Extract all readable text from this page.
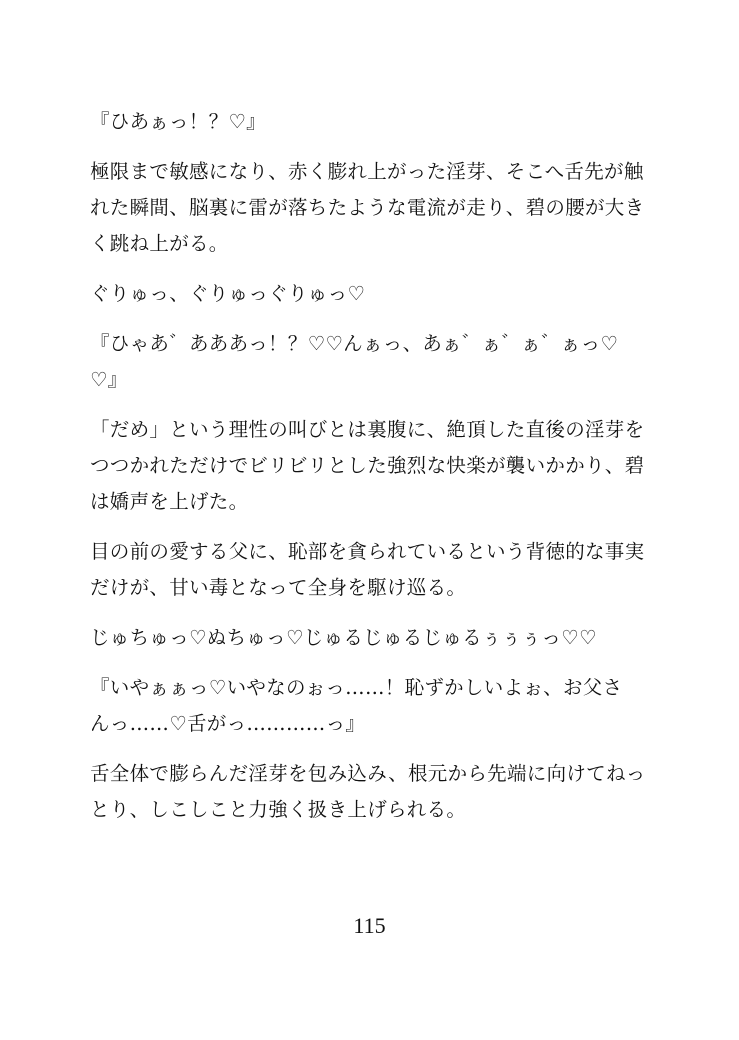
『ひあぁっ！？♡』

極限まで敏感になり、赤く膨れ上がった淫芽、そこへ舌先が触
れた瞬間、脳裏に雷が落ちたような電流が走り、碧の腰が大き
く跳ね上がる。

ぐりゅっ、ぐりゅっぐりゅっ♡

『ひゃあ゛あああっ！？♡♡んぁっ、あぁ゛ぁ゛ぁ゛ぁっ♡
♡』

「だめ」という理性の叫びとは裏腹に、絶頂した直後の淫芽を
つつかれただけでビリビリとした強烈な快楽が襲いかかり、碧
は嬌声を上げた。

目の前の愛する父に、恥部を貪られているという背徳的な事実
だけが、甘い毒となって全身を駆け巡る。

じゅちゅっ♡ぬちゅっ♡じゅるじゅるじゅるぅぅぅっ♡♡

『いやぁぁっ♡いやなのぉっ……！恥ずかしいよぉ、お父さ
んっ……♡舌がっ…………っ』

舌全体で膨らんだ淫芽を包み込み、根元から先端に向けてねっ
とり、しこしこと力強く扱き上げられる。

115
